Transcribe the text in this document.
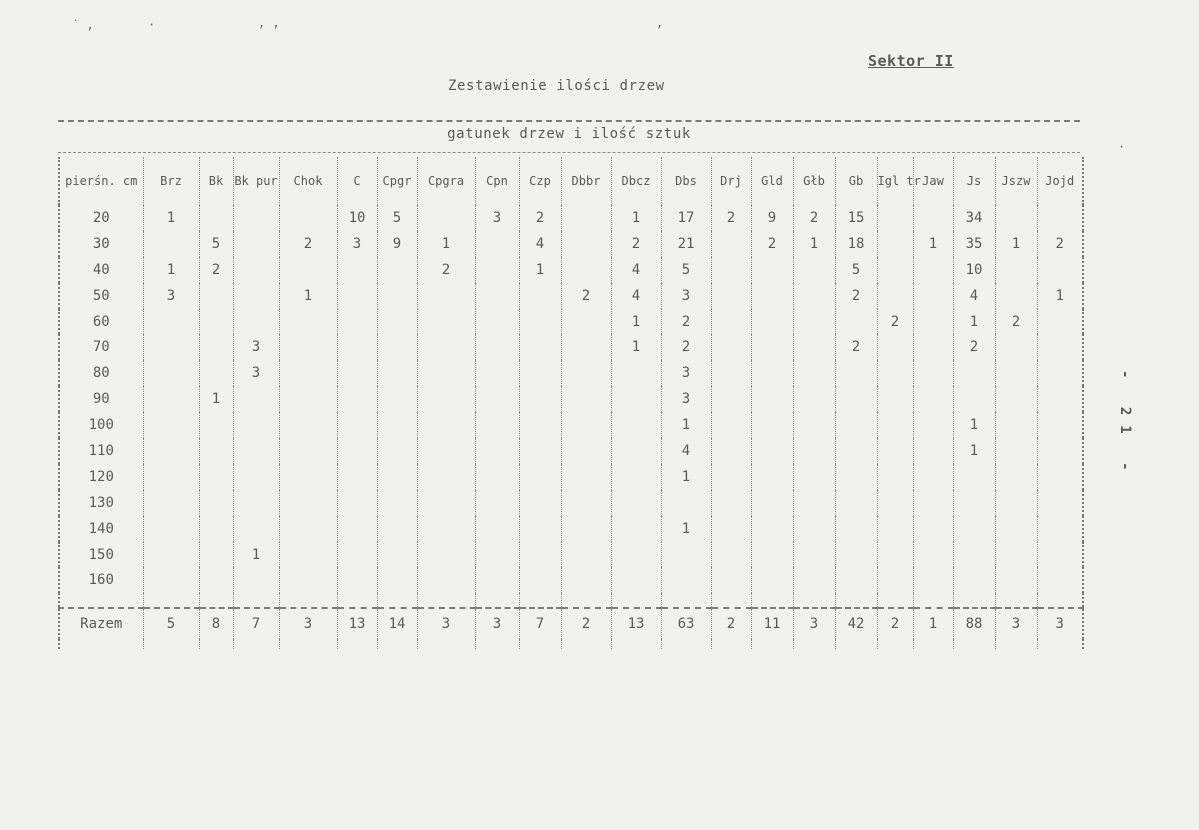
˙ ‚	·	, ‚	,
·
Sektor II
Zestawienie ilości drzew
gatunek drzew i ilość sztuk
pierśn. cm	Brz	Bk	Bk pur	Chok	C	Cpgr	Cpgra	Cpn	Czp	Dbbr	Dbcz	Dbs	Drj	Gld	Głb	Gb	Igl tr	Jaw	Js	Jszw	Jojd
20	1				10	5		3	2		1	17	2	9	2	15			34		
30		5		2	3	9	1		4		2	21		2	1	18		1	35	1	2
40	1	2					2		1		4	5				5			10		
50	3			1						2	4	3				2			4		1
60											1	2					2		1	2	
70			3								1	2				2			2		
80			3									3									
90		1										3									
100												1							1		
110												4							1		
120												1									
130																					
140												1									
150			1																		
160																					

Razem	5	8	7	3	13	14	3	3	7	2	13	63	2	11	3	42	2	1	88	3	3

- 21 -
